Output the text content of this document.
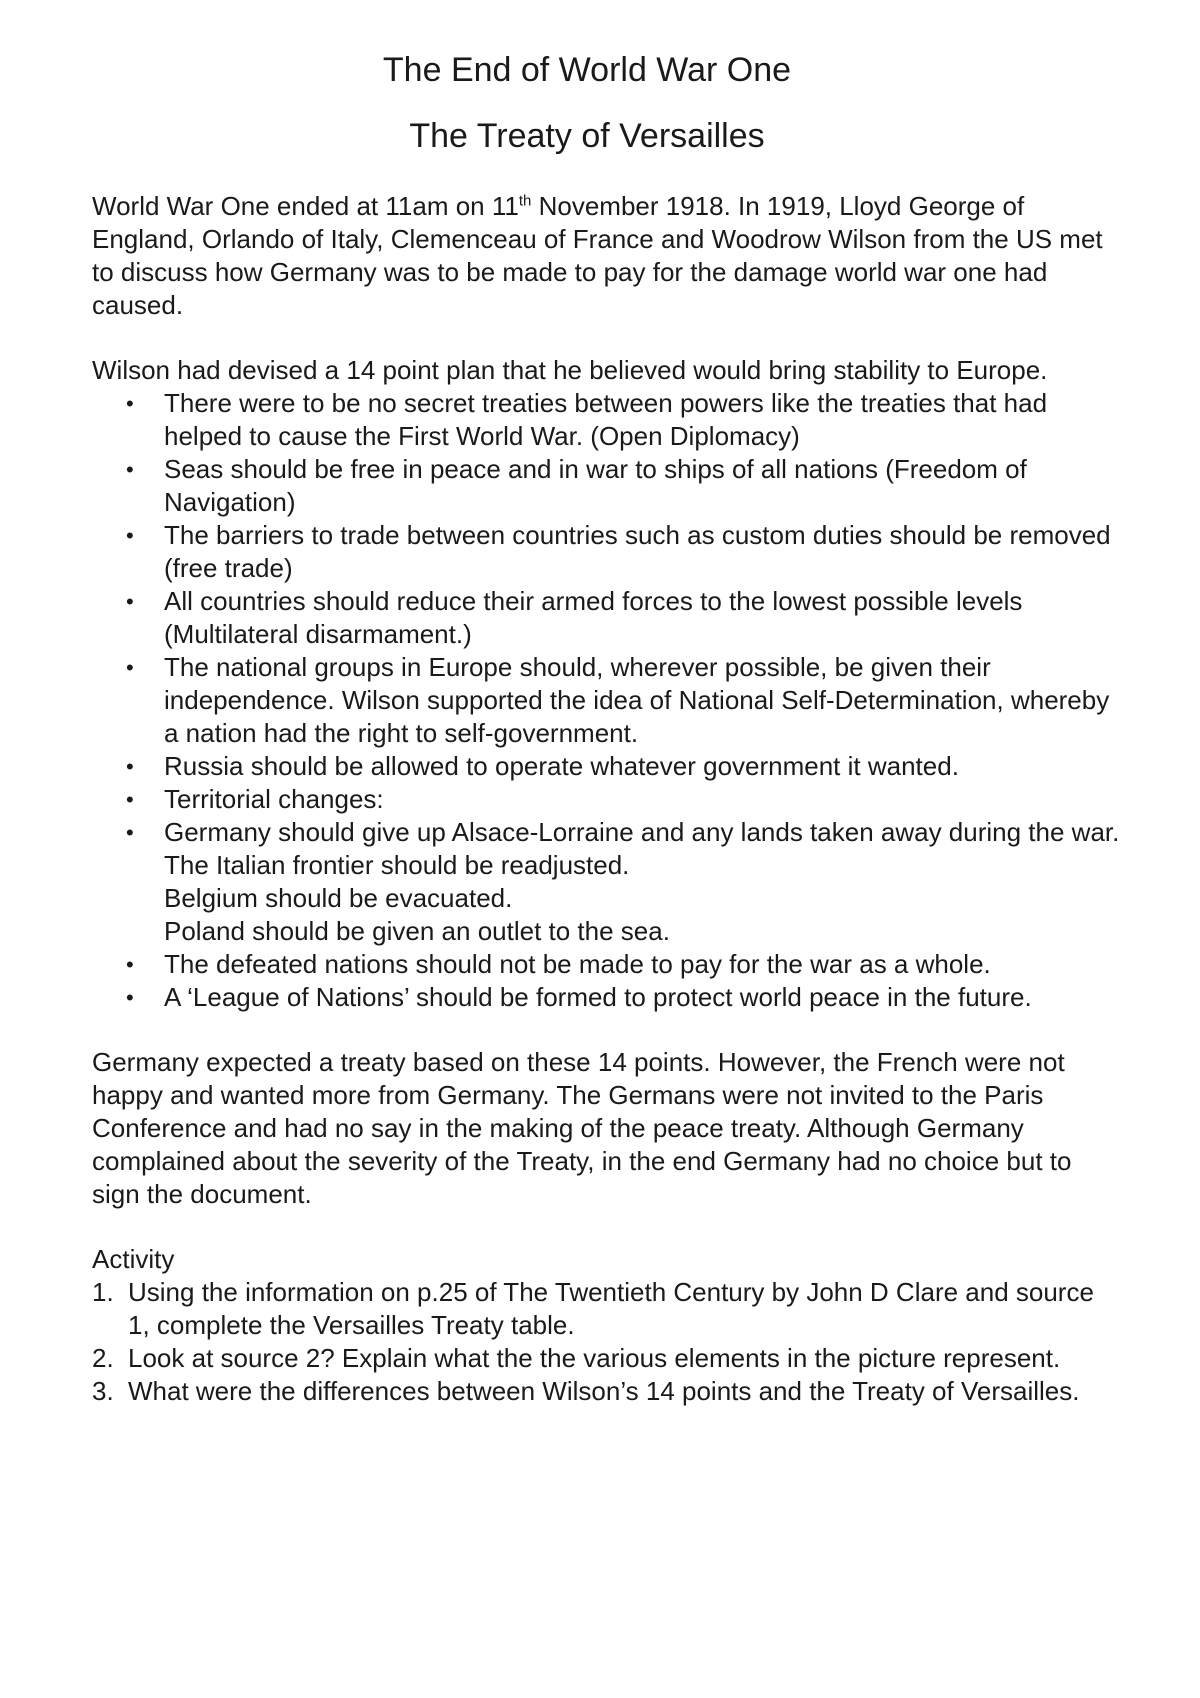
The End of World War One
The Treaty of Versailles

World War One ended at 11am on 11th November 1918. In 1919, Lloyd George of England, Orlando of Italy, Clemenceau of France and Woodrow Wilson from the US met to discuss how Germany was to be made to pay for the damage world war one had caused.

Wilson had devised a 14 point plan that he believed would bring stability to Europe.

• There were to be no secret treaties between powers like the treaties that had helped to cause the First World War. (Open Diplomacy)
• Seas should be free in peace and in war to ships of all nations (Freedom of Navigation)
• The barriers to trade between countries such as custom duties should be removed (free trade)
• All countries should reduce their armed forces to the lowest possible levels (Multilateral disarmament.)
• The national groups in Europe should, wherever possible, be given their independence. Wilson supported the idea of National Self-Determination, whereby a nation had the right to self-government.
• Russia should be allowed to operate whatever government it wanted.
• Territorial changes:
• Germany should give up Alsace-Lorraine and any lands taken away during the war.
The Italian frontier should be readjusted.
Belgium should be evacuated.
Poland should be given an outlet to the sea.
• The defeated nations should not be made to pay for the war as a whole.
• A ‘League of Nations’ should be formed to protect world peace in the future.

Germany expected a treaty based on these 14 points. However, the French were not happy and wanted more from Germany. The Germans were not invited to the Paris Conference and had no say in the making of the peace treaty. Although Germany complained about the severity of the Treaty, in the end Germany had no choice but to sign the document.

Activity

1. Using the information on p.25 of The Twentieth Century by John D Clare and source 1, complete the Versailles Treaty table.
2. Look at source 2? Explain what the the various elements in the picture represent.
3. What were the differences between Wilson’s 14 points and the Treaty of Versailles.
